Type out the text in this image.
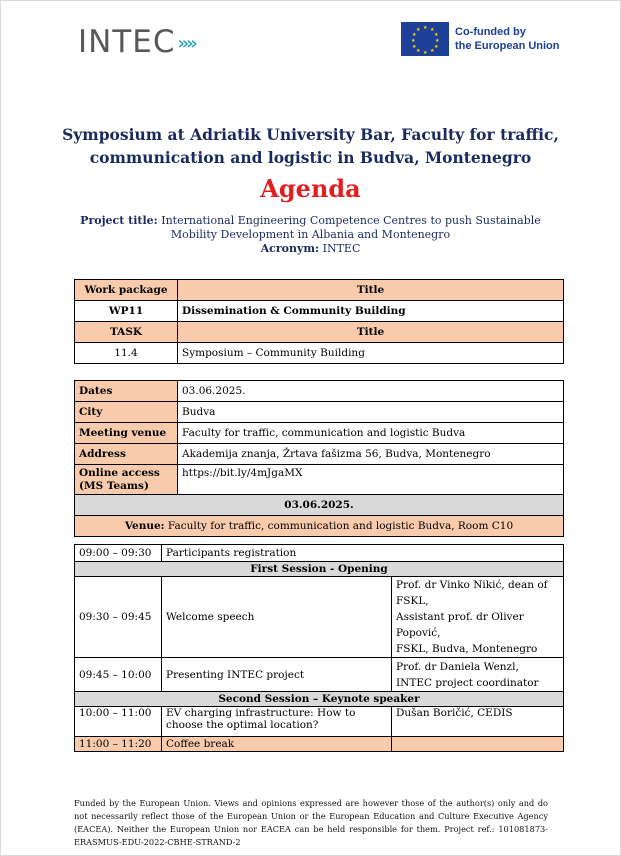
INTEC »»
★ ★
★
★
★
★
★
★
★
★
★
★	Co-funded by
the European Union
Symposium at Adriatik University Bar, Faculty for traffic,
communication and logistic in Budva, Montenegro
Agenda
Project title: International Engineering Competence Centres to push Sustainable
Mobility Development in Albania and Montenegro
Acronym: INTEC
Work package	Title
WP11	Dissemination & Community Building
TASK	Title
11.4	Symposium – Community Building
Dates		03.06.2025.	
City		Budva	
Meeting venue		Faculty for traffic, communication and logistic Budva	
Address		Akademija znanja, Žrtava fašizma 56, Budva, Montenegro	

Online access
(MS Teams)		https://bit.ly/4mJgaMX	
03.06.2025.			
Venue: Faculty for traffic, communication and logistic Budva, Room C10			

09:00 – 09:30	Participants registration		
First Session - Opening			
09:30 – 09:45	Welcome speech		Prof. dr Vinko Nikić, dean of FSKL,
Assistant prof. dr Oliver Popović,
FSKL, Budva, Montenegro

09:45 – 10:00	Presenting INTEC project		Prof. dr Daniela Wenzl,
INTEC project coordinator

Second Session – Keynote speaker			
10:00 – 11:00	EV charging infrastructure: How to
choose the optimal location?		Dušan Boričić, CEDIS
11:00 – 11:20	Coffee break		
Funded by the European Union. Views and opinions expressed are however those of the author(s) only and do not necessarily reflect those of the European Union or the European Education and Culture Executive Agency (EACEA). Neither the European Union nor EACEA can be held responsible for them. Project ref.: 101081873-ERASMUS-EDU-2022-CBHE-STRAND-2
